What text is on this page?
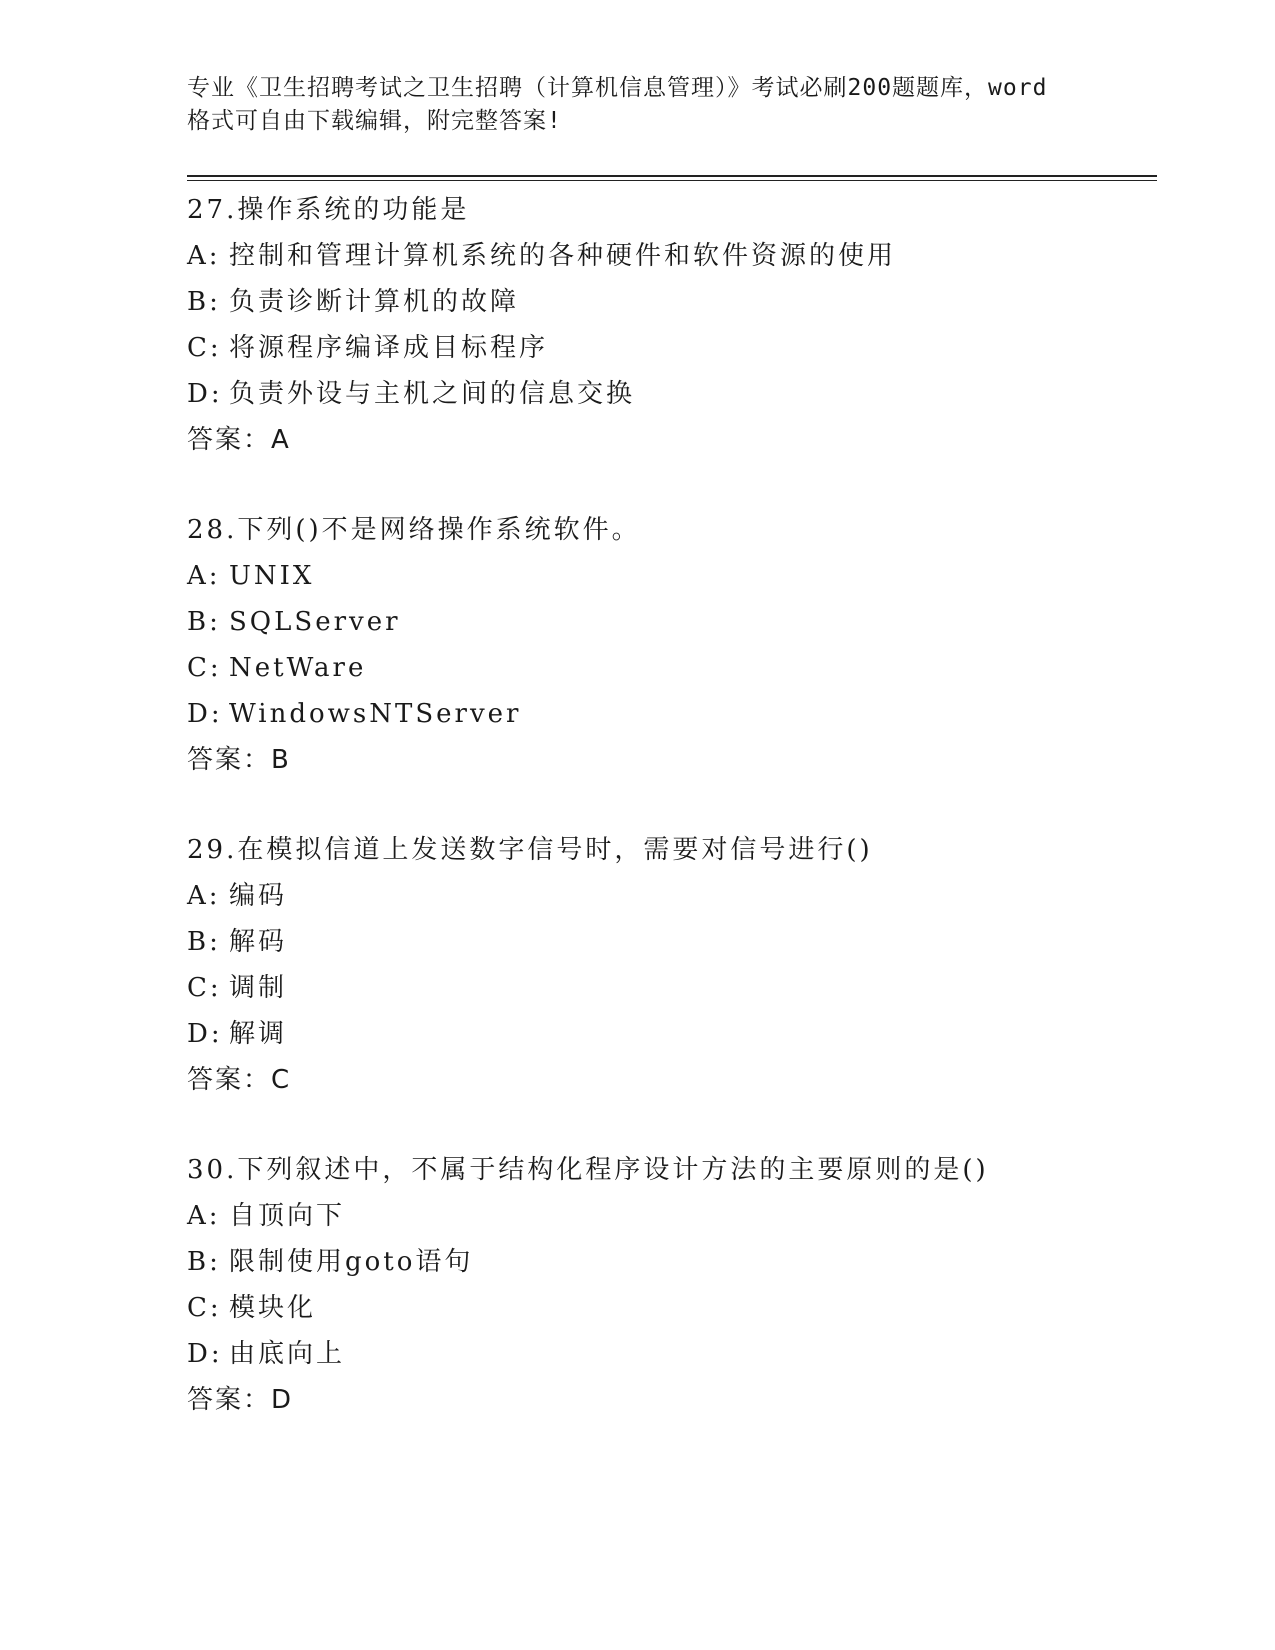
专业《卫生招聘考试之卫生招聘（计算机信息管理）》考试必刷200题题库，word
格式可自由下载编辑，附完整答案!

27.操作系统的功能是

A: 控制和管理计算机系统的各种硬件和软件资源的使用

B: 负责诊断计算机的故障

C: 将源程序编译成目标程序

D: 负责外设与主机之间的信息交换

答案：A

28.下列()不是网络操作系统软件。

A: UNIX

B: SQLServer

C: NetWare

D: WindowsNTServer

答案：B

29.在模拟信道上发送数字信号时，需要对信号进行()

A: 编码

B: 解码

C: 调制

D: 解调

答案：C

30.下列叙述中，不属于结构化程序设计方法的主要原则的是()

A: 自顶向下

B: 限制使用goto语句

C: 模块化

D: 由底向上

答案：D
